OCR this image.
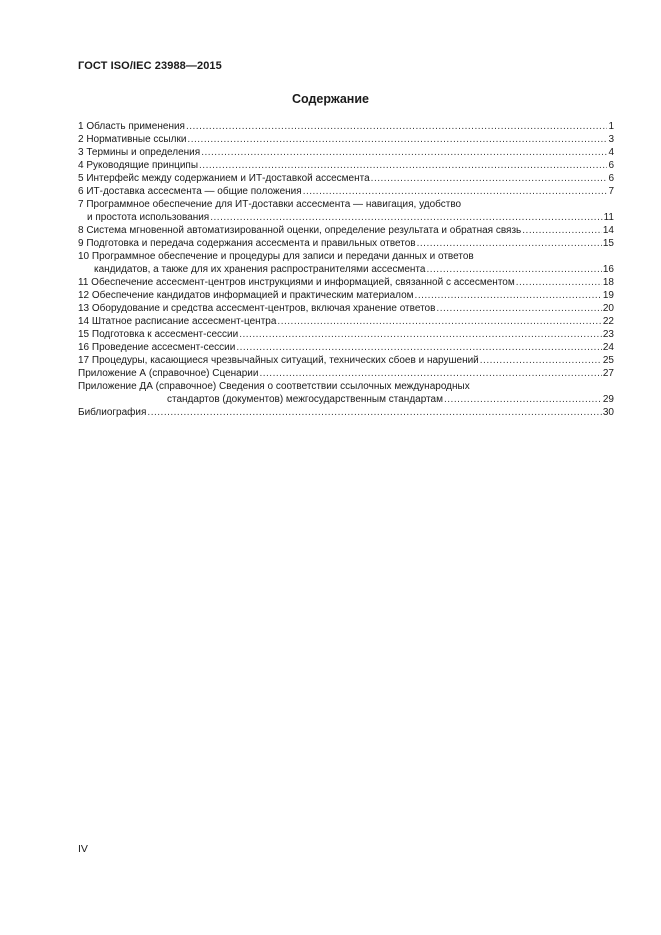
ГОСТ ISO/IEC 23988—2015
Содержание
1 Область применения .....	1
2 Нормативные ссылки .....	3
3 Термины и определения .....	4
4 Руководящие принципы .....	6
5 Интерфейс между содержанием и ИТ-доставкой ассесмента .....	6
6 ИТ-доставка ассесмента — общие положения .....	7
7 Программное обеспечение для ИТ-доставки ассесмента — навигация, удобство
и простота использования .....	11
8 Система мгновенной автоматизированной оценки, определение результата и обратная связь .....	14
9 Подготовка и передача содержания ассесмента и правильных ответов .....	15
10 Программное обеспечение и процедуры для записи и передачи данных и ответов
кандидатов, а также для их хранения распространителями ассесмента .....	16
11 Обеспечение ассесмент-центров инструкциями и информацией, связанной с ассесментом .....	18
12 Обеспечение кандидатов информацией и практическим материалом .....	19
13 Оборудование и средства ассесмент-центров, включая хранение ответов .....	20
14 Штатное расписание ассесмент-центра .....	22
15 Подготовка к ассесмент-сессии .....	23
16 Проведение ассесмент-сессии .....	24
17 Процедуры, касающиеся чрезвычайных ситуаций, технических сбоев и нарушений .....	25
Приложение А (справочное) Сценарии .....	27
Приложение ДА (справочное) Сведения о соответствии ссылочных международных
стандартов (документов) межгосударственным стандартам .....	29
Библиография .....	30
IV
